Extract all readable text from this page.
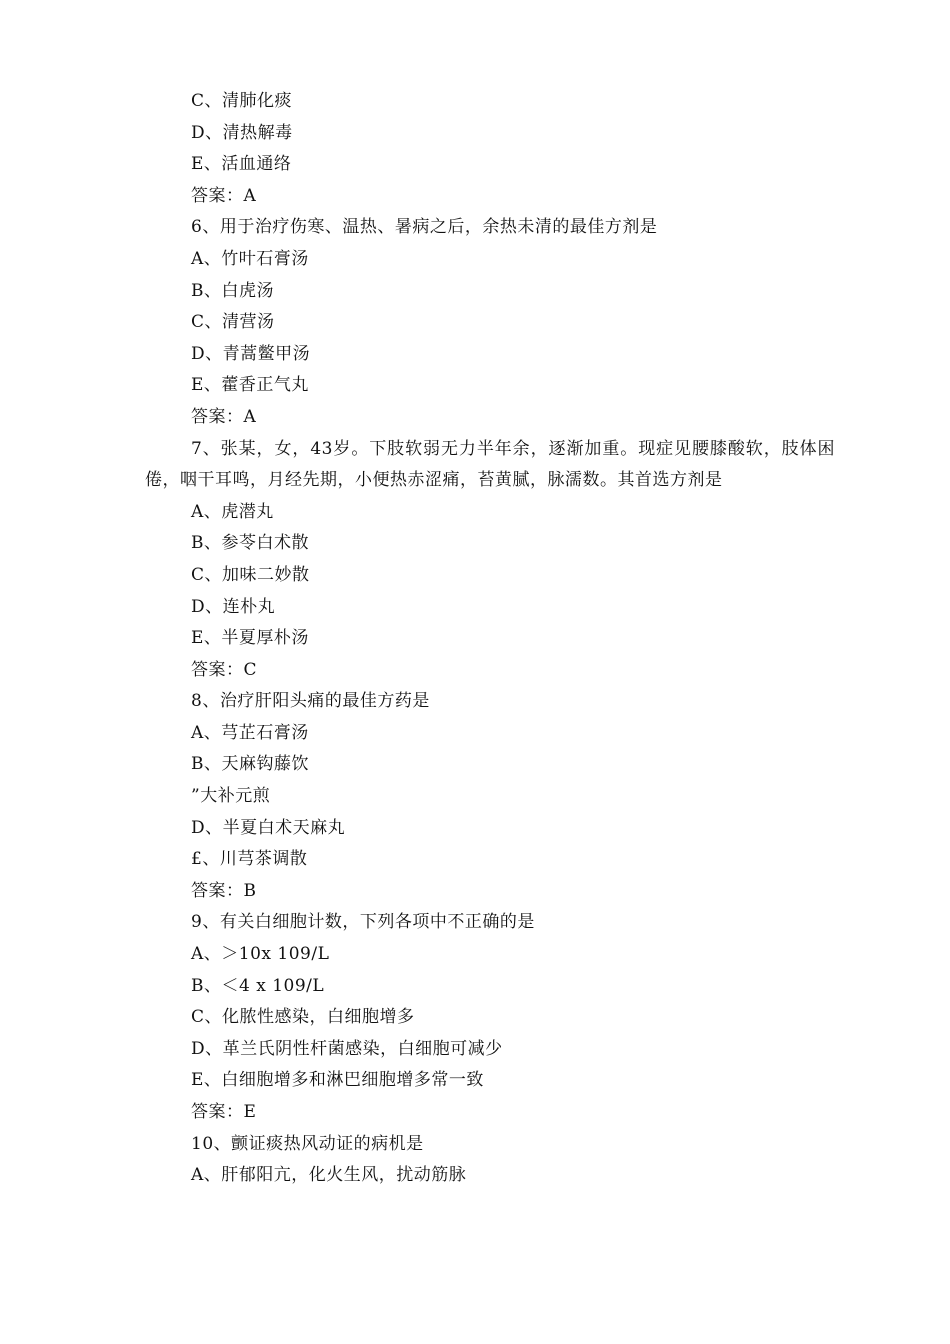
C、清肺化痰
D、清热解毒
E、活血通络
答案：A
6、用于治疗伤寒、温热、暑病之后，余热未清的最佳方剂是
A、竹叶石膏汤
B、白虎汤
C、清营汤
D、青蒿鳖甲汤
E、藿香正气丸
答案：A
7、张某，女，43岁。下肢软弱无力半年余，逐渐加重。现症见腰膝酸软，肢体困倦，咽干耳鸣，月经先期，小便热赤涩痛，苔黄腻，脉濡数。其首选方剂是
A、虎潜丸
B、参苓白术散
C、加味二妙散
D、连朴丸
E、半夏厚朴汤
答案：C
8、治疗肝阳头痛的最佳方药是
A、芎芷石膏汤
B、天麻钩藤饮
”大补元煎
D、半夏白术天麻丸
£、川芎茶调散
答案：B
9、有关白细胞计数，下列各项中不正确的是
A、＞10x 109/L
B、＜4 x 109/L
C、化脓性感染，白细胞增多
D、革兰氏阴性杆菌感染，白细胞可减少
E、白细胞增多和淋巴细胞增多常一致
答案：E
10、颤证痰热风动证的病机是
A、肝郁阳亢，化火生风，扰动筋脉
